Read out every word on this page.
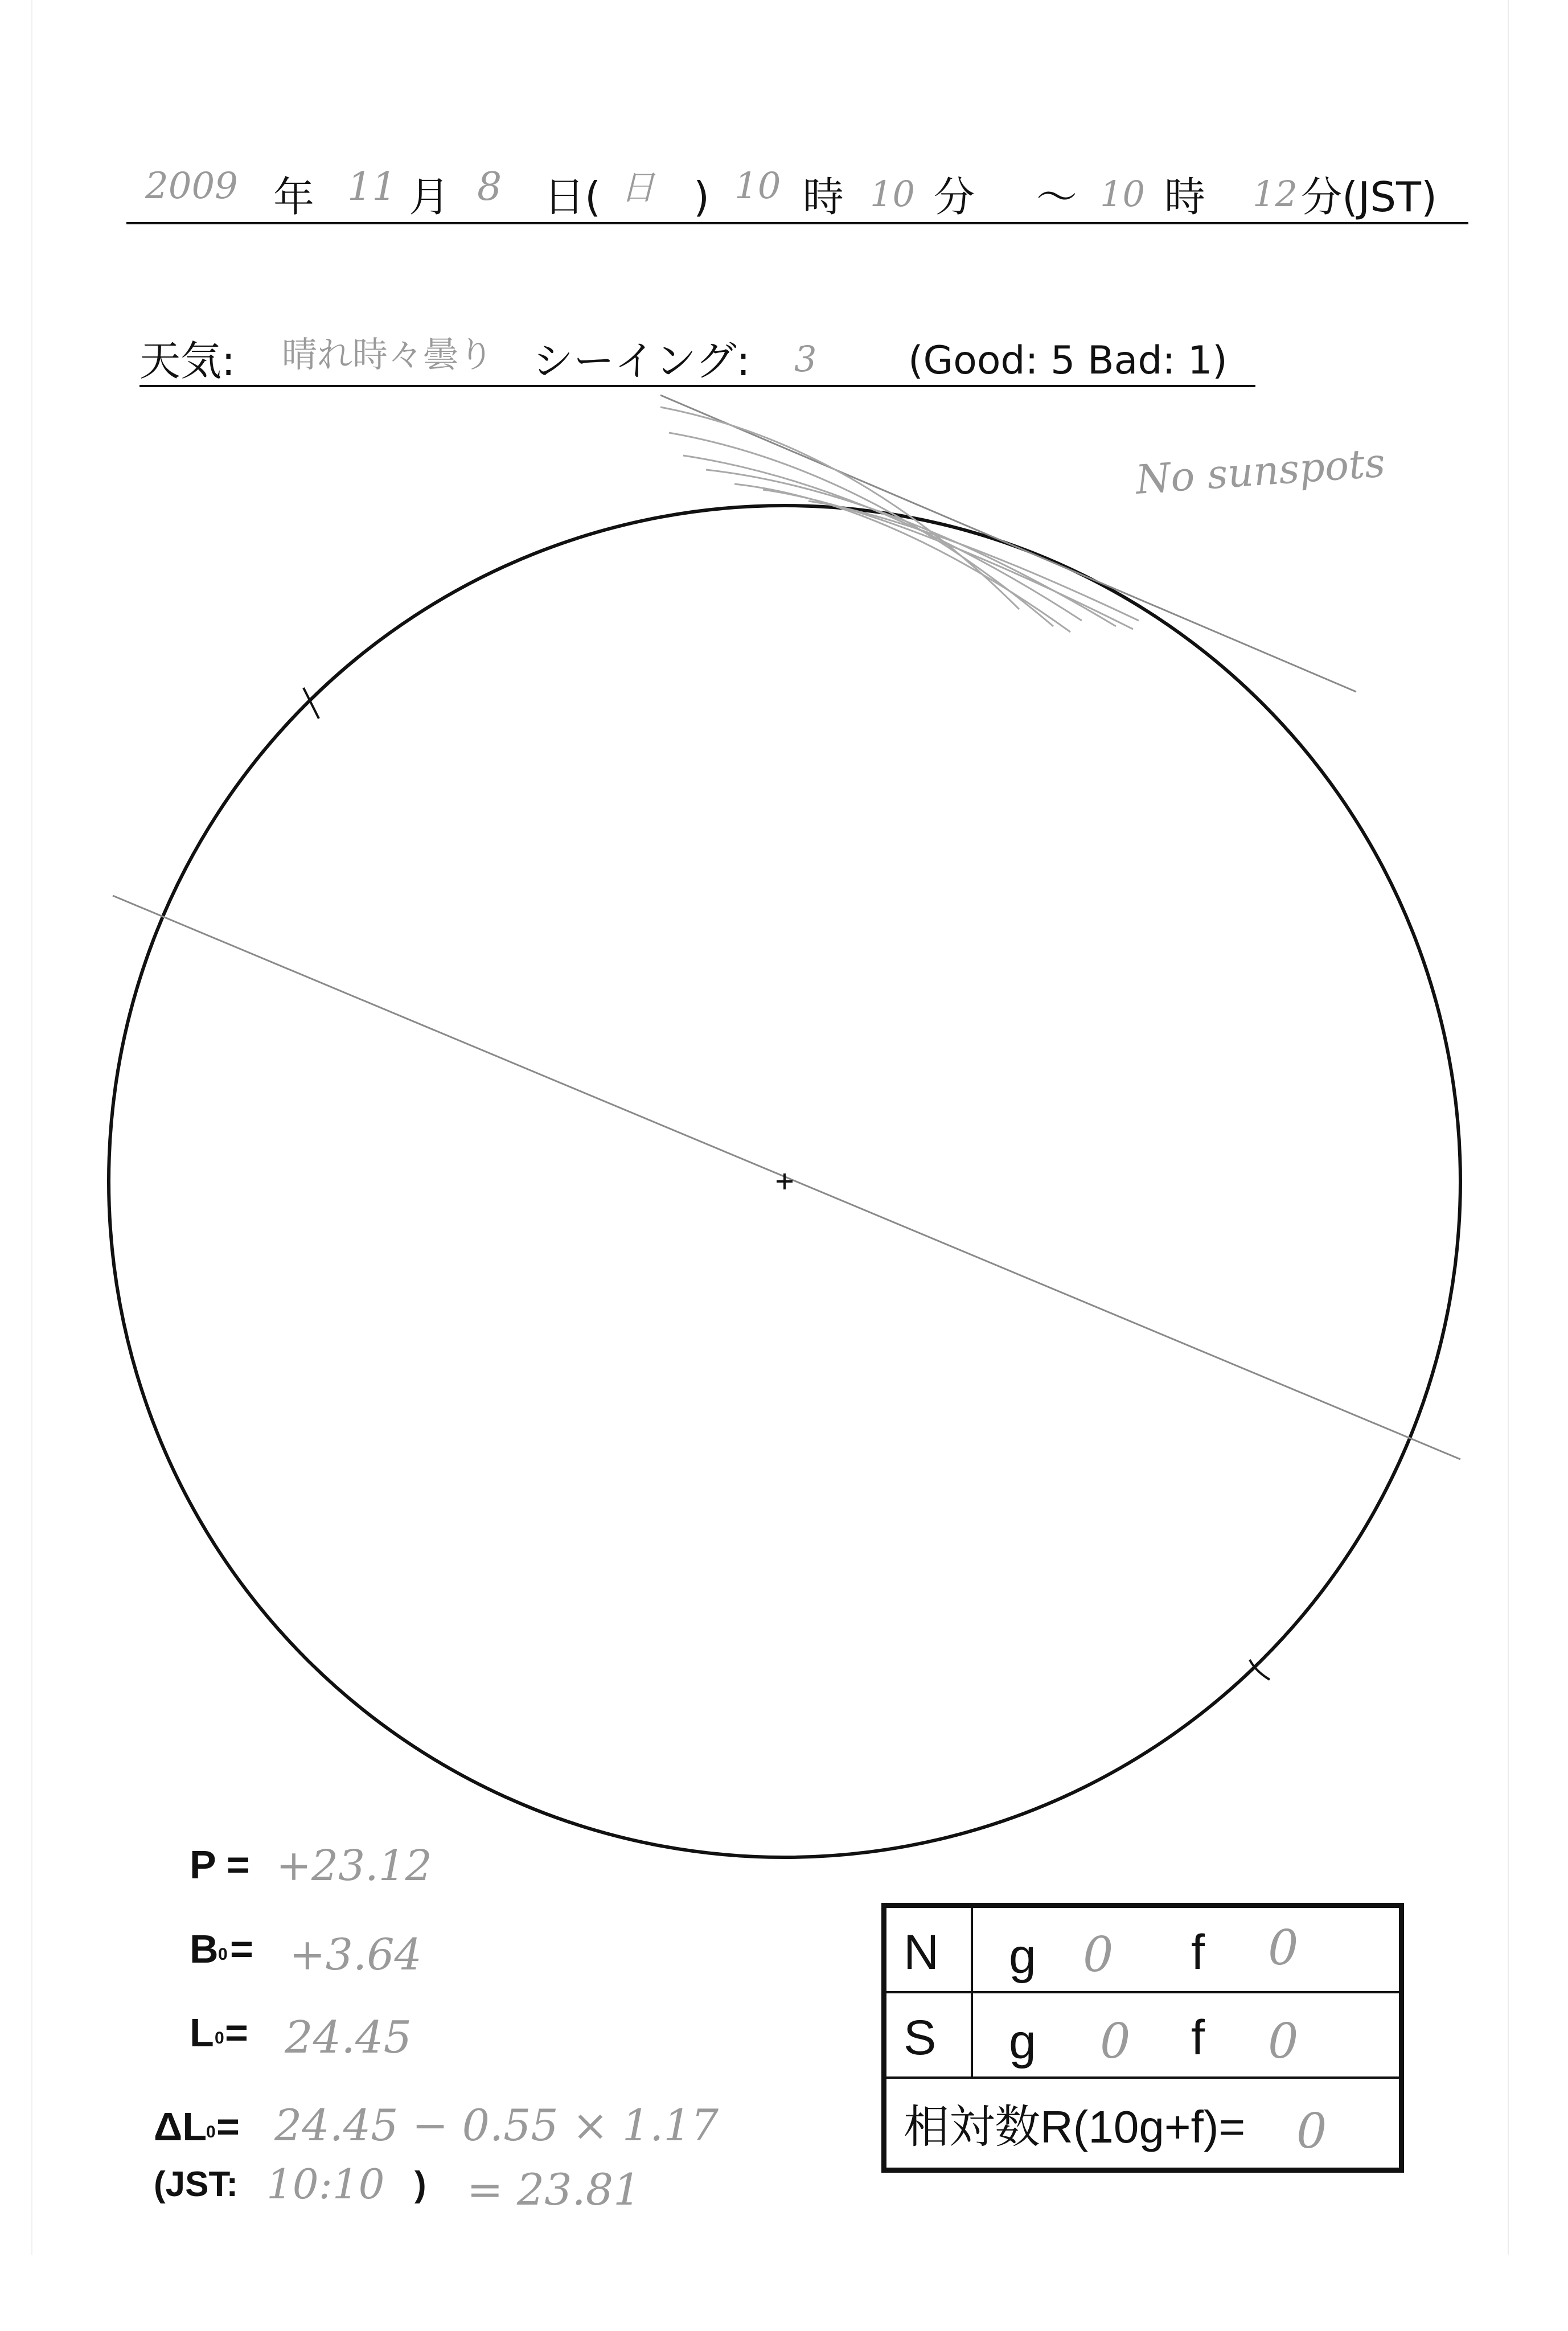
2009 年 11 月 8 日( 日 ) 10 時 10 分 〜 10 時 12 分(JST)
天気: 晴れ時々曇り シーイング: 3 (Good: 5 Bad: 1)
No sunspots
P = +23.12
B 0 = +3.64
L 0 = 24.45
ΔL
0 = 24.45 − 0.55 × 1.17
(JST: 10:10 ) = 23.81
N g 0 f 0
S g 0 f 0
相対数R(10g+f)= 0
